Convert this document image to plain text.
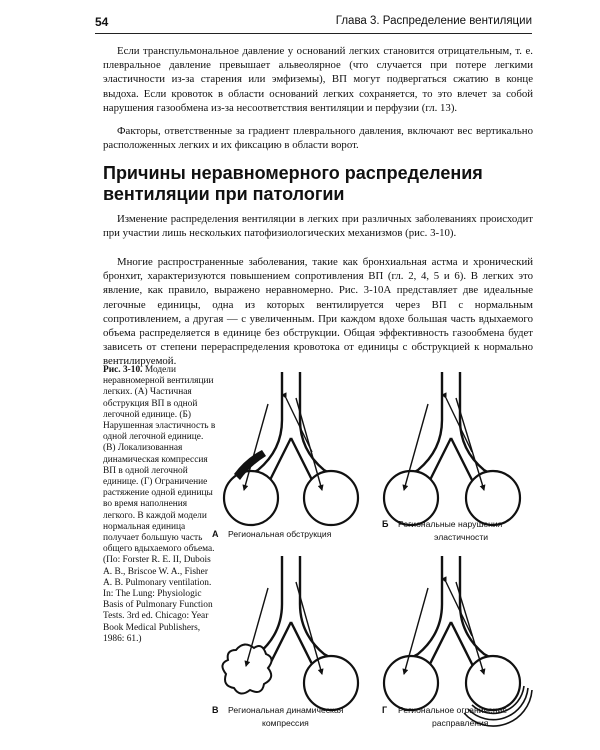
54	Глава 3. Распределение вентиляции

Если транспульмональное давление у оснований легких становится отрицательным, т. е. плевральное давление превышает альвеолярное (что случается при потере легкими эластичности из-за старения или эмфиземы), ВП могут подвергаться сжатию в конце выдоха. Если кровоток в области оснований легких сохраняется, то это влечет за собой нарушения газообмена из-за несоответствия вентиляции и перфузии (гл. 13).

Факторы, ответственные за градиент плеврального давления, включают вес вертикально расположенных легких и их фиксацию в области ворот.

Причины неравномерного распределения вентиляции при патологии

Изменение распределения вентиляции в легких при различных заболеваниях происходит при участии лишь нескольких патофизиологических механизмов (рис. 3-10).

Многие распространенные заболевания, такие как бронхиальная астма и хронический бронхит, характеризуются повышением сопротивления ВП (гл. 2, 4, 5 и 6). В легких это явление, как правило, выражено неравномерно. Рис. 3-10А представляет две идеальные легочные единицы, одна из которых вентилируется через ВП с нормальным сопротивлением, а другая — с увеличенным. При каждом вдохе большая часть вдыхаемого объема распределяется в единице без обструкции. Общая эффективность газообмена будет зависеть от степени перераспределения кровотока от единицы с обструкцией к нормально вентилируемой.

Рис. 3-10. Модели неравномерной вентиляции легких. (А) Частичная обструкция ВП в одной легочной единице. (Б) Нарушенная эластичность в одной легочной единице. (В) Локализованная динамическая компрессия ВП в одной легочной единице. (Г) Ограничение растяжение одной единицы во время наполнения легкого. В каждой модели нормальная единица получает большую часть общего вдыхаемого объема. (По: Forster R. E. II, Dubois A. B., Briscoe W. A., Fisher A. B. Pulmonary ventilation. In: The Lung: Physiologic Basis of Pulmonary Function Tests. 3rd ed. Chicago: Year Book Medical Publishers, 1986: 61.)

А Региональная обструкция
Б Региональные нарушения
эластичности
В Региональная динамическая
компрессия
Г Региональное ограничение
расправления
